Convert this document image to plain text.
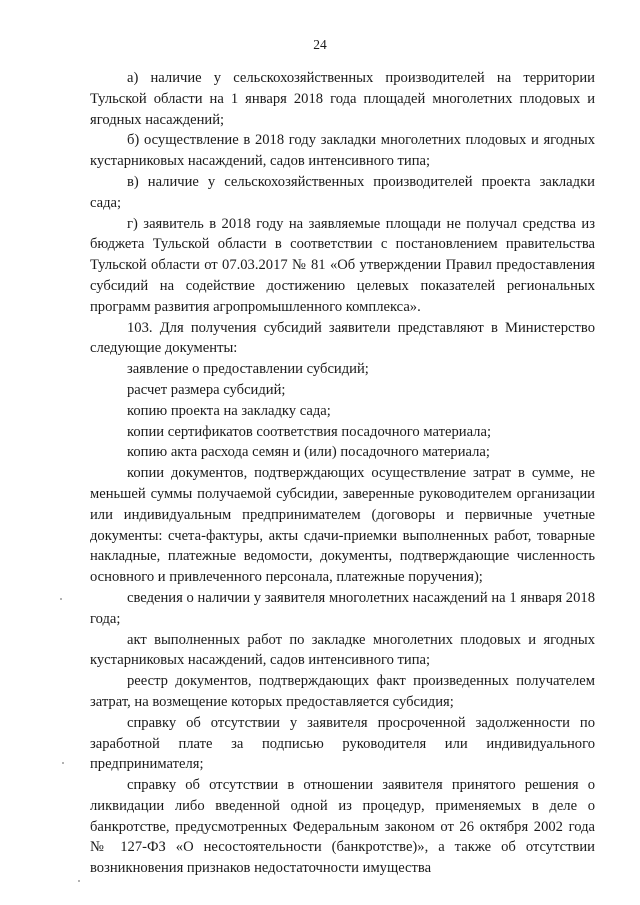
24

а) наличие у сельскохозяйственных производителей на территории Тульской области на 1 января 2018 года площадей многолетних плодовых и ягодных насаждений;

б) осуществление в 2018 году закладки многолетних плодовых и ягодных кустарниковых насаждений, садов интенсивного типа;

в) наличие у сельскохозяйственных производителей проекта закладки сада;

г) заявитель в 2018 году на заявляемые площади не получал средства из бюджета Тульской области в соответствии с постановлением правительства Тульской области от 07.03.2017 № 81 «Об утверждении Правил предоставления субсидий на содействие достижению целевых показателей региональных программ развития агропромышленного комплекса».

103. Для получения субсидий заявители представляют в Министерство следующие документы:

заявление о предоставлении субсидий;

расчет размера субсидий;

копию проекта на закладку сада;

копии сертификатов соответствия посадочного материала;

копию акта расхода семян и (или) посадочного материала;

копии документов, подтверждающих осуществление затрат в сумме, не меньшей суммы получаемой субсидии, заверенные руководителем организации или индивидуальным предпринимателем (договоры и первичные учетные документы: счета-фактуры, акты сдачи-приемки выполненных работ, товарные накладные, платежные ведомости, документы, подтверждающие численность основного и привлеченного персонала, платежные поручения);

сведения о наличии у заявителя многолетних насаждений на 1 января 2018 года;

акт выполненных работ по закладке многолетних плодовых и ягодных кустарниковых насаждений, садов интенсивного типа;

реестр документов, подтверждающих факт произведенных получателем затрат, на возмещение которых предоставляется субсидия;

справку об отсутствии у заявителя просроченной задолженности по заработной плате за подписью руководителя или индивидуального предпринимателя;

справку об отсутствии в отношении заявителя принятого решения о ликвидации либо введенной одной из процедур, применяемых в деле о банкротстве, предусмотренных Федеральным законом от 26 октября 2002 года № 127-ФЗ «О несостоятельности (банкротстве)», а также об отсутствии возникновения признаков недостаточности имущества
